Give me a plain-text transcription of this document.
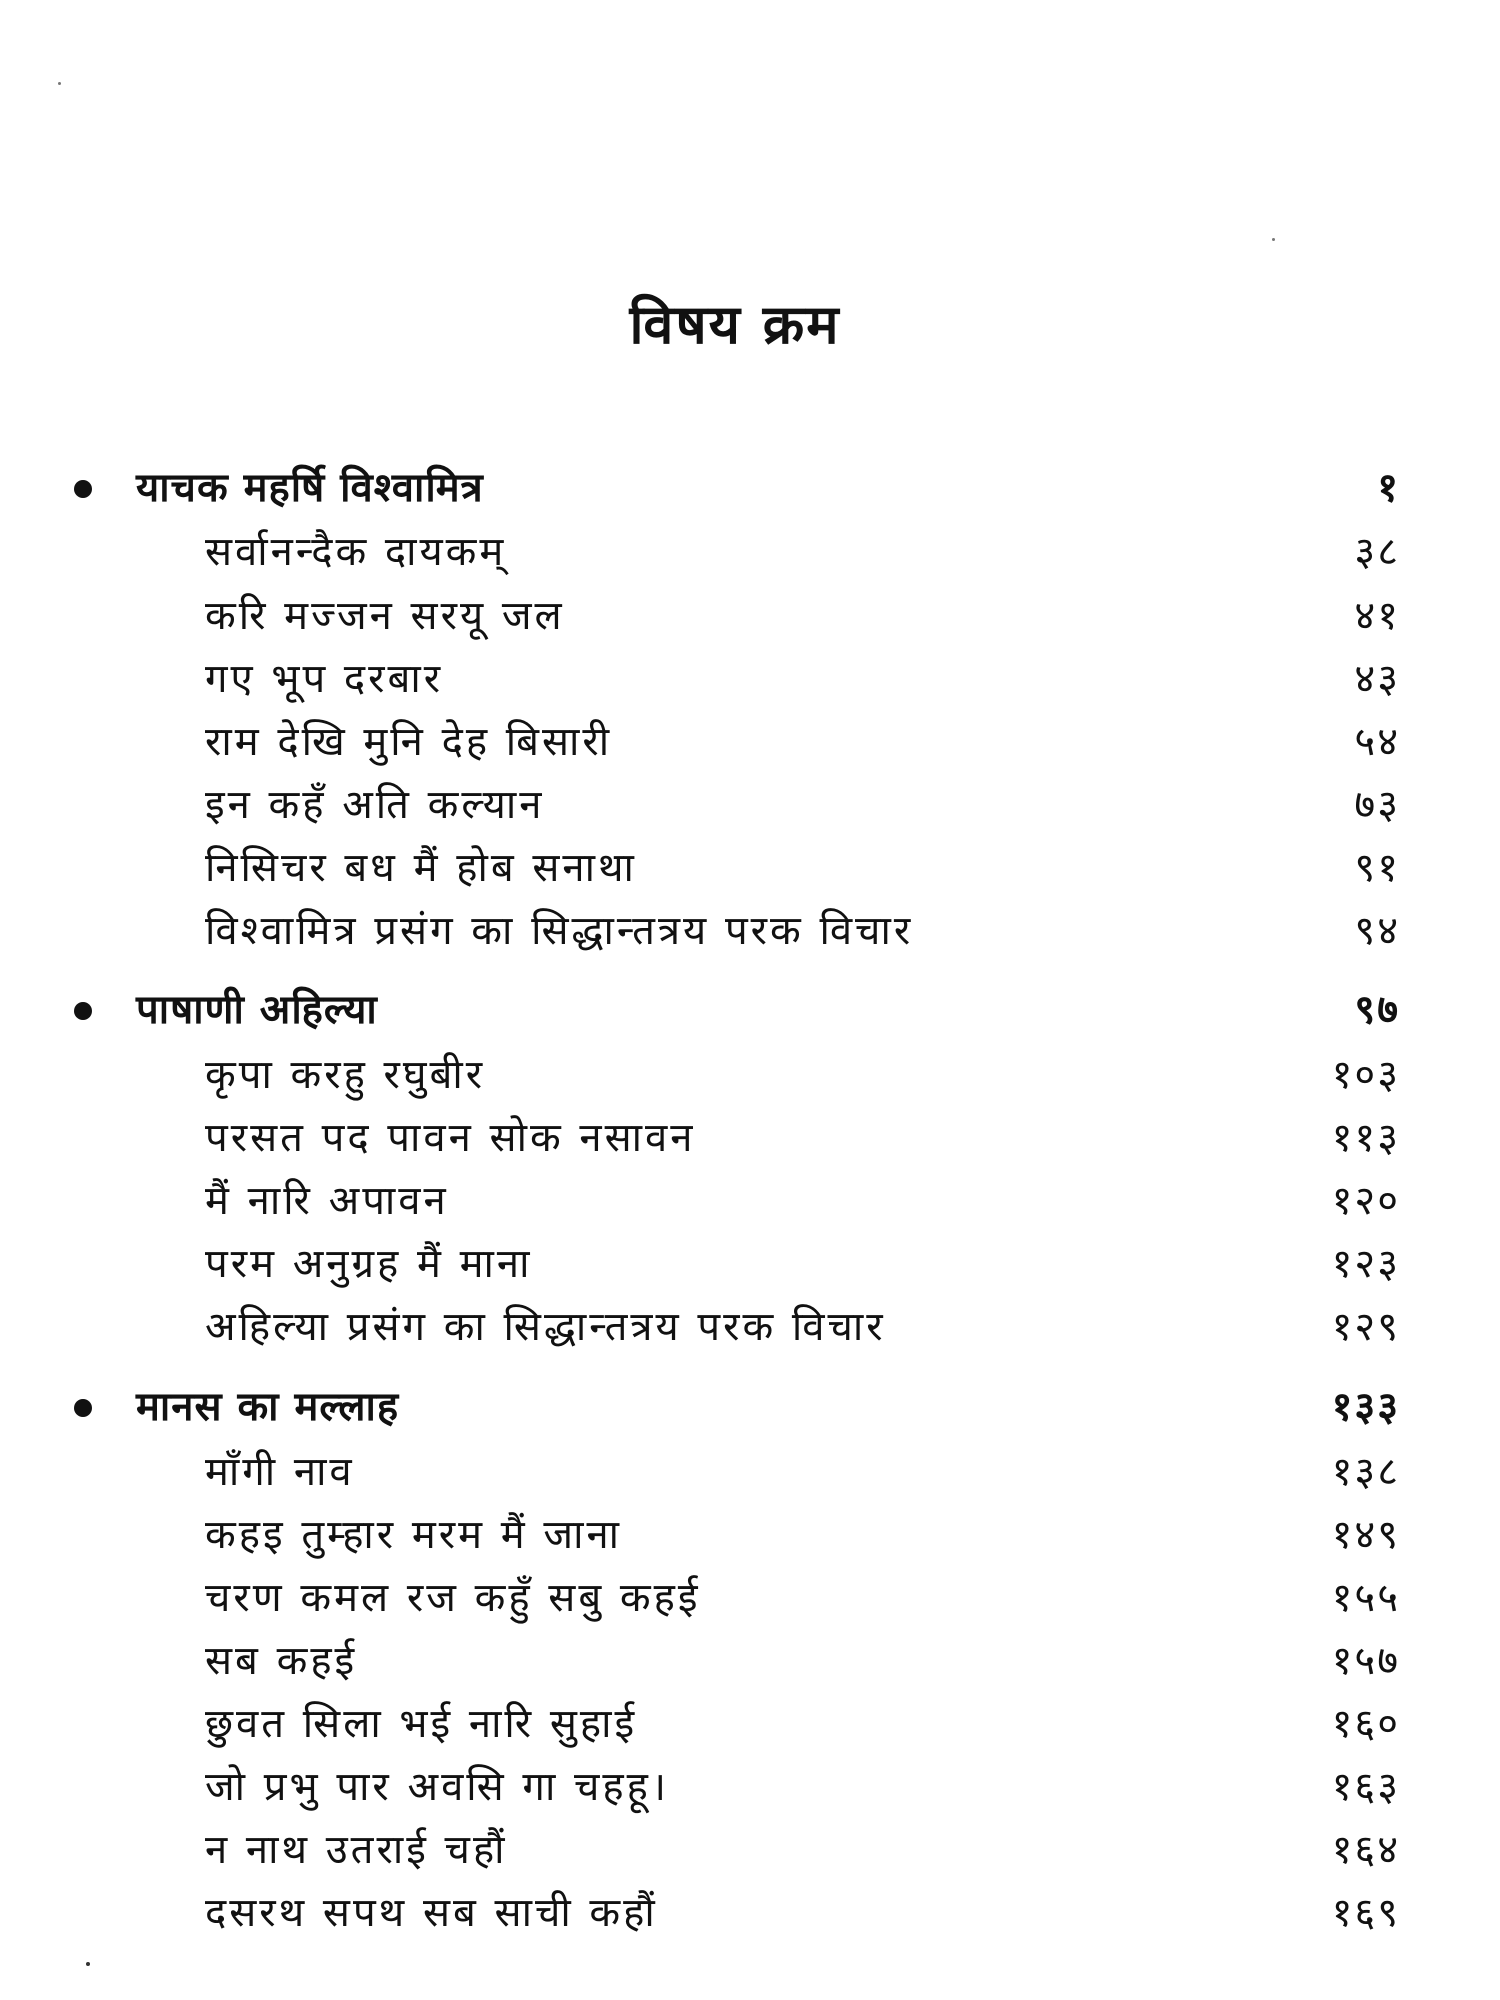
विषय क्रम
याचक महर्षि विश्वामित्र	१
सर्वानन्दैक दायकम्	३८
करि मज्जन सरयू जल	४१
गए भूप दरबार	४३
राम देखि मुनि देह बिसारी	५४
इन कहँ अति कल्यान	७३
निसिचर बध मैं होब सनाथा	९१
विश्वामित्र प्रसंग का सिद्धान्तत्रय परक विचार	९४
पाषाणी अहिल्या	९७
कृपा करहु रघुबीर	१०३
परसत पद पावन सोक नसावन	११३
मैं नारि अपावन	१२०
परम अनुग्रह मैं माना	१२३
अहिल्या प्रसंग का सिद्धान्तत्रय परक विचार	१२९
मानस का मल्लाह	१३३
माँगी नाव	१३८
कहइ तुम्हार मरम मैं जाना	१४९
चरण कमल रज कहुँ सबु कहई	१५५
सब कहई	१५७
छुवत सिला भई नारि सुहाई	१६०
जो प्रभु पार अवसि गा चहहू।	१६३
न नाथ उतराई चहौं	१६४
दसरथ सपथ सब साची कहौं	१६९
